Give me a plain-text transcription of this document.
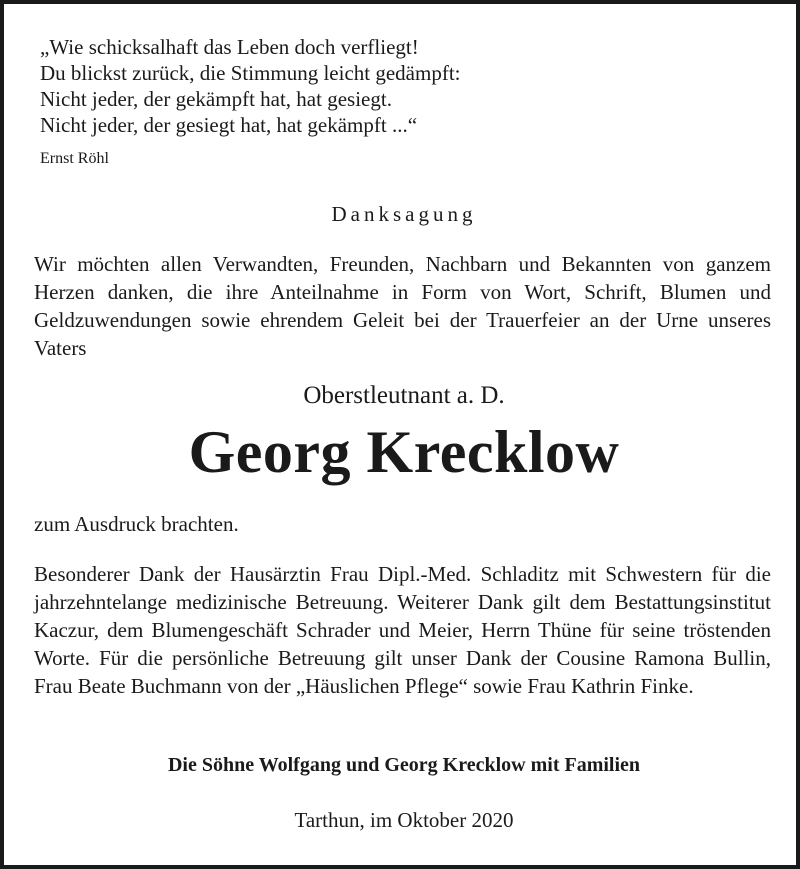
„Wie schicksalhaft das Leben doch verfliegt!

Du blickst zurück, die Stimmung leicht gedämpft:

Nicht jeder, der gekämpft hat, hat gesiegt.

Nicht jeder, der gesiegt hat, hat gekämpft ...“

Ernst Röhl

Danksagung

Wir möchten allen Verwandten, Freunden, Nachbarn und Bekannten von ganzem Herzen danken, die ihre Anteilnahme in Form von Wort, Schrift, Blumen und Geldzuwendungen sowie ehrendem Geleit bei der Trauerfeier an der Urne unseres Vaters

Oberstleutnant a. D.

Georg Krecklow

zum Ausdruck brachten.

Besonderer Dank der Hausärztin Frau Dipl.-Med. Schladitz mit Schwestern für die jahrzehntelange medizinische Betreuung. Weiterer Dank gilt dem Bestattungsinstitut Kaczur, dem Blumengeschäft Schrader und Meier, Herrn Thüne für seine tröstenden Worte. Für die persönliche Betreuung gilt unser Dank der Cousine Ramona Bullin, Frau Beate Buchmann von der „Häuslichen Pflege“ sowie Frau Kathrin Finke.

Die Söhne Wolfgang und Georg Krecklow mit Familien

Tarthun, im Oktober 2020
